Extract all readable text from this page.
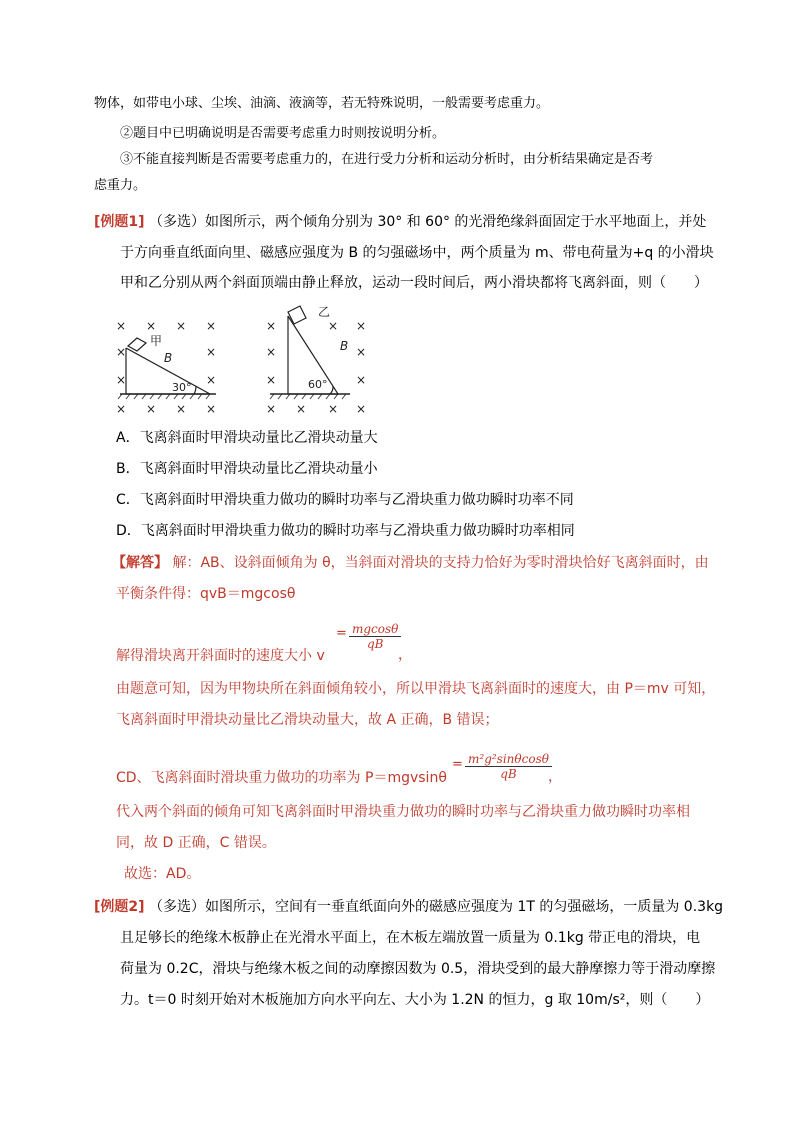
物体，如带电小球、尘埃、油滴、液滴等，若无特殊说明，一般需要考虑重力。
②题目中已明确说明是否需要考虑重力时则按说明分析。
③不能直接判断是否需要考虑重力的，在进行受力分析和运动分析时，由分析结果确定是否考
虑重力。
[例题1] （多选）如图所示，两个倾角分别为 30° 和 60° 的光滑绝缘斜面固定于水平地面上，并处
于方向垂直纸面向里、磁感应强度为 B 的匀强磁场中，两个质量为 m、带电荷量为+q 的小滑块
甲和乙分别从两个斜面顶端由静止释放，运动一段时间后，两小滑块都将飞离斜面，则（　　）
× × × ×
×	×
×	×
× × × ×
×	× ×
×	×
×	×
× × × ×
甲
B
30°
乙
B
60°
A．飞离斜面时甲滑块动量比乙滑块动量大
B．飞离斜面时甲滑块动量比乙滑块动量小
C．飞离斜面时甲滑块重力做功的瞬时功率与乙滑块重力做功瞬时功率不同
D．飞离斜面时甲滑块重力做功的瞬时功率与乙滑块重力做功瞬时功率相同
【解答】 解：AB、设斜面倾角为 θ，当斜面对滑块的支持力恰好为零时滑块恰好飞离斜面时，由
平衡条件得：qvB＝mgcosθ
= $\frac{mgcos\theta}{qB}$
解得滑块离开斜面时的速度大小 v	，
由题意可知，因为甲物块所在斜面倾角较小，所以甲滑块飞离斜面时的速度大，由 P＝mv 可知，
飞离斜面时甲滑块动量比乙滑块动量大，故 A 正确，B 错误；
= $\frac{\text{m²g²sinθcosθ}}{qB}$
CD、飞离斜面时滑块重力做功的功率为 P＝mgvsinθ	，
代入两个斜面的倾角可知飞离斜面时甲滑块重力做功的瞬时功率与乙滑块重力做功瞬时功率相
同，故 D 正确，C 错误。
故选：AD。
[例题2] （多选）如图所示，空间有一垂直纸面向外的磁感应强度为 1T 的匀强磁场，一质量为 0.3kg
且足够长的绝缘木板静止在光滑水平面上，在木板左端放置一质量为 0.1kg 带正电的滑块，电
荷量为 0.2C，滑块与绝缘木板之间的动摩擦因数为 0.5，滑块受到的最大静摩擦力等于滑动摩擦
力。t＝0 时刻开始对木板施加方向水平向左、大小为 1.2N 的恒力，g 取 10m/s²，则（　　）
